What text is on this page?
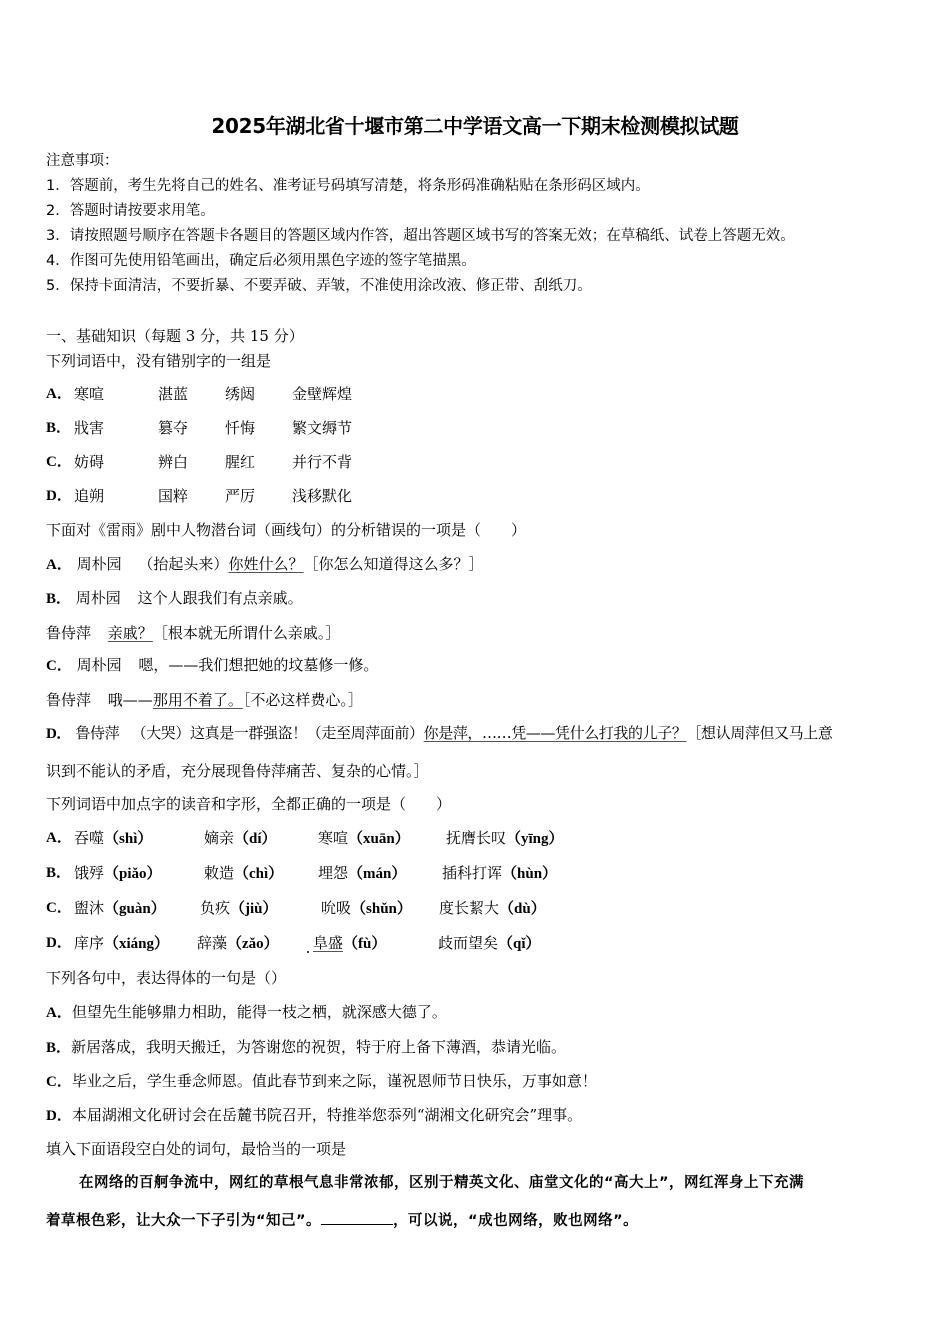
2025年湖北省十堰市第二中学语文高一下期末检测模拟试题
注意事项：
1．答题前，考生先将自己的姓名、准考证号码填写清楚，将条形码准确粘贴在条形码区域内。
2．答题时请按要求用笔。
3．请按照题号顺序在答题卡各题目的答题区域内作答，超出答题区域书写的答案无效；在草稿纸、试卷上答题无效。
4．作图可先使用铅笔画出，确定后必须用黑色字迹的签字笔描黑。
5．保持卡面清洁，不要折暴、不要弄破、弄皱，不准使用涂改液、修正带、刮纸刀。
一、基础知识（每题 3 分，共 15 分）
下列词语中，没有错别字的一组是
A． 寒喧	湛蓝 绣闼 金壁辉煌
B． 戕害	篡夺 忏悔 繁文缛节
C． 妨碍	辨白 腥红 并行不背
D． 追朔	国粹 严厉 浅移默化
下面对《雷雨》剧中人物潜台词（画线句）的分析错误的一项是（　　）
A． 周朴园 （抬起头来）你姓什么？［你怎么知道得这么多？］
B． 周朴园 这个人跟我们有点亲戚。
鲁侍萍 亲戚？［根本就无所谓什么亲戚。］
C． 周朴园 嗯，——我们想把她的坟墓修一修。
鲁侍萍 哦——那用不着了。［不必这样费心。］
D． 鲁侍萍 （大哭）这真是一群强盗！（走至周萍面前）你是萍，……凭——凭什么打我的儿子？［想认周萍但又马上意
识到不能认的矛盾，充分展现鲁侍萍痛苦、复杂的心情。］
下列词语中加点字的读音和字形，全都正确的一项是（　　）
A． 吞噬（shì）	嫡亲（dí）	寒喧（xuān） 抚膺长叹（yīng）
B． 饿殍（piǎo）	敕造（chì） 埋怨（mán） 插科打诨（hùn）
C． 盥沐（guàn） 负疚（jiù）	吮吸（shǔn） 度长絜大（dù）
D． 庠序（xiáng） 辞藻（zǎo） 阜盛（fù）	歧而望矣（qǐ）
下列各句中，表达得体的一句是（）
A．但望先生能够鼎力相助，能得一枝之栖，就深感大德了。
B．新居落成，我明天搬迁，为答谢您的祝贺，特于府上备下薄酒，恭请光临。
C．毕业之后，学生垂念师恩。值此春节到来之际，谨祝恩师节日快乐，万事如意！
D．本届湖湘文化研讨会在岳麓书院召开，特推举您忝列“湖湘文化研究会”理事。
填入下面语段空白处的词句，最恰当的一项是
在网络的百舸争流中，网红的草根气息非常浓郁，区别于精英文化、庙堂文化的“高大上”，网红浑身上下充满
着草根色彩，让大众一下子引为“知己”。	，可以说，“成也网络，败也网络”。
